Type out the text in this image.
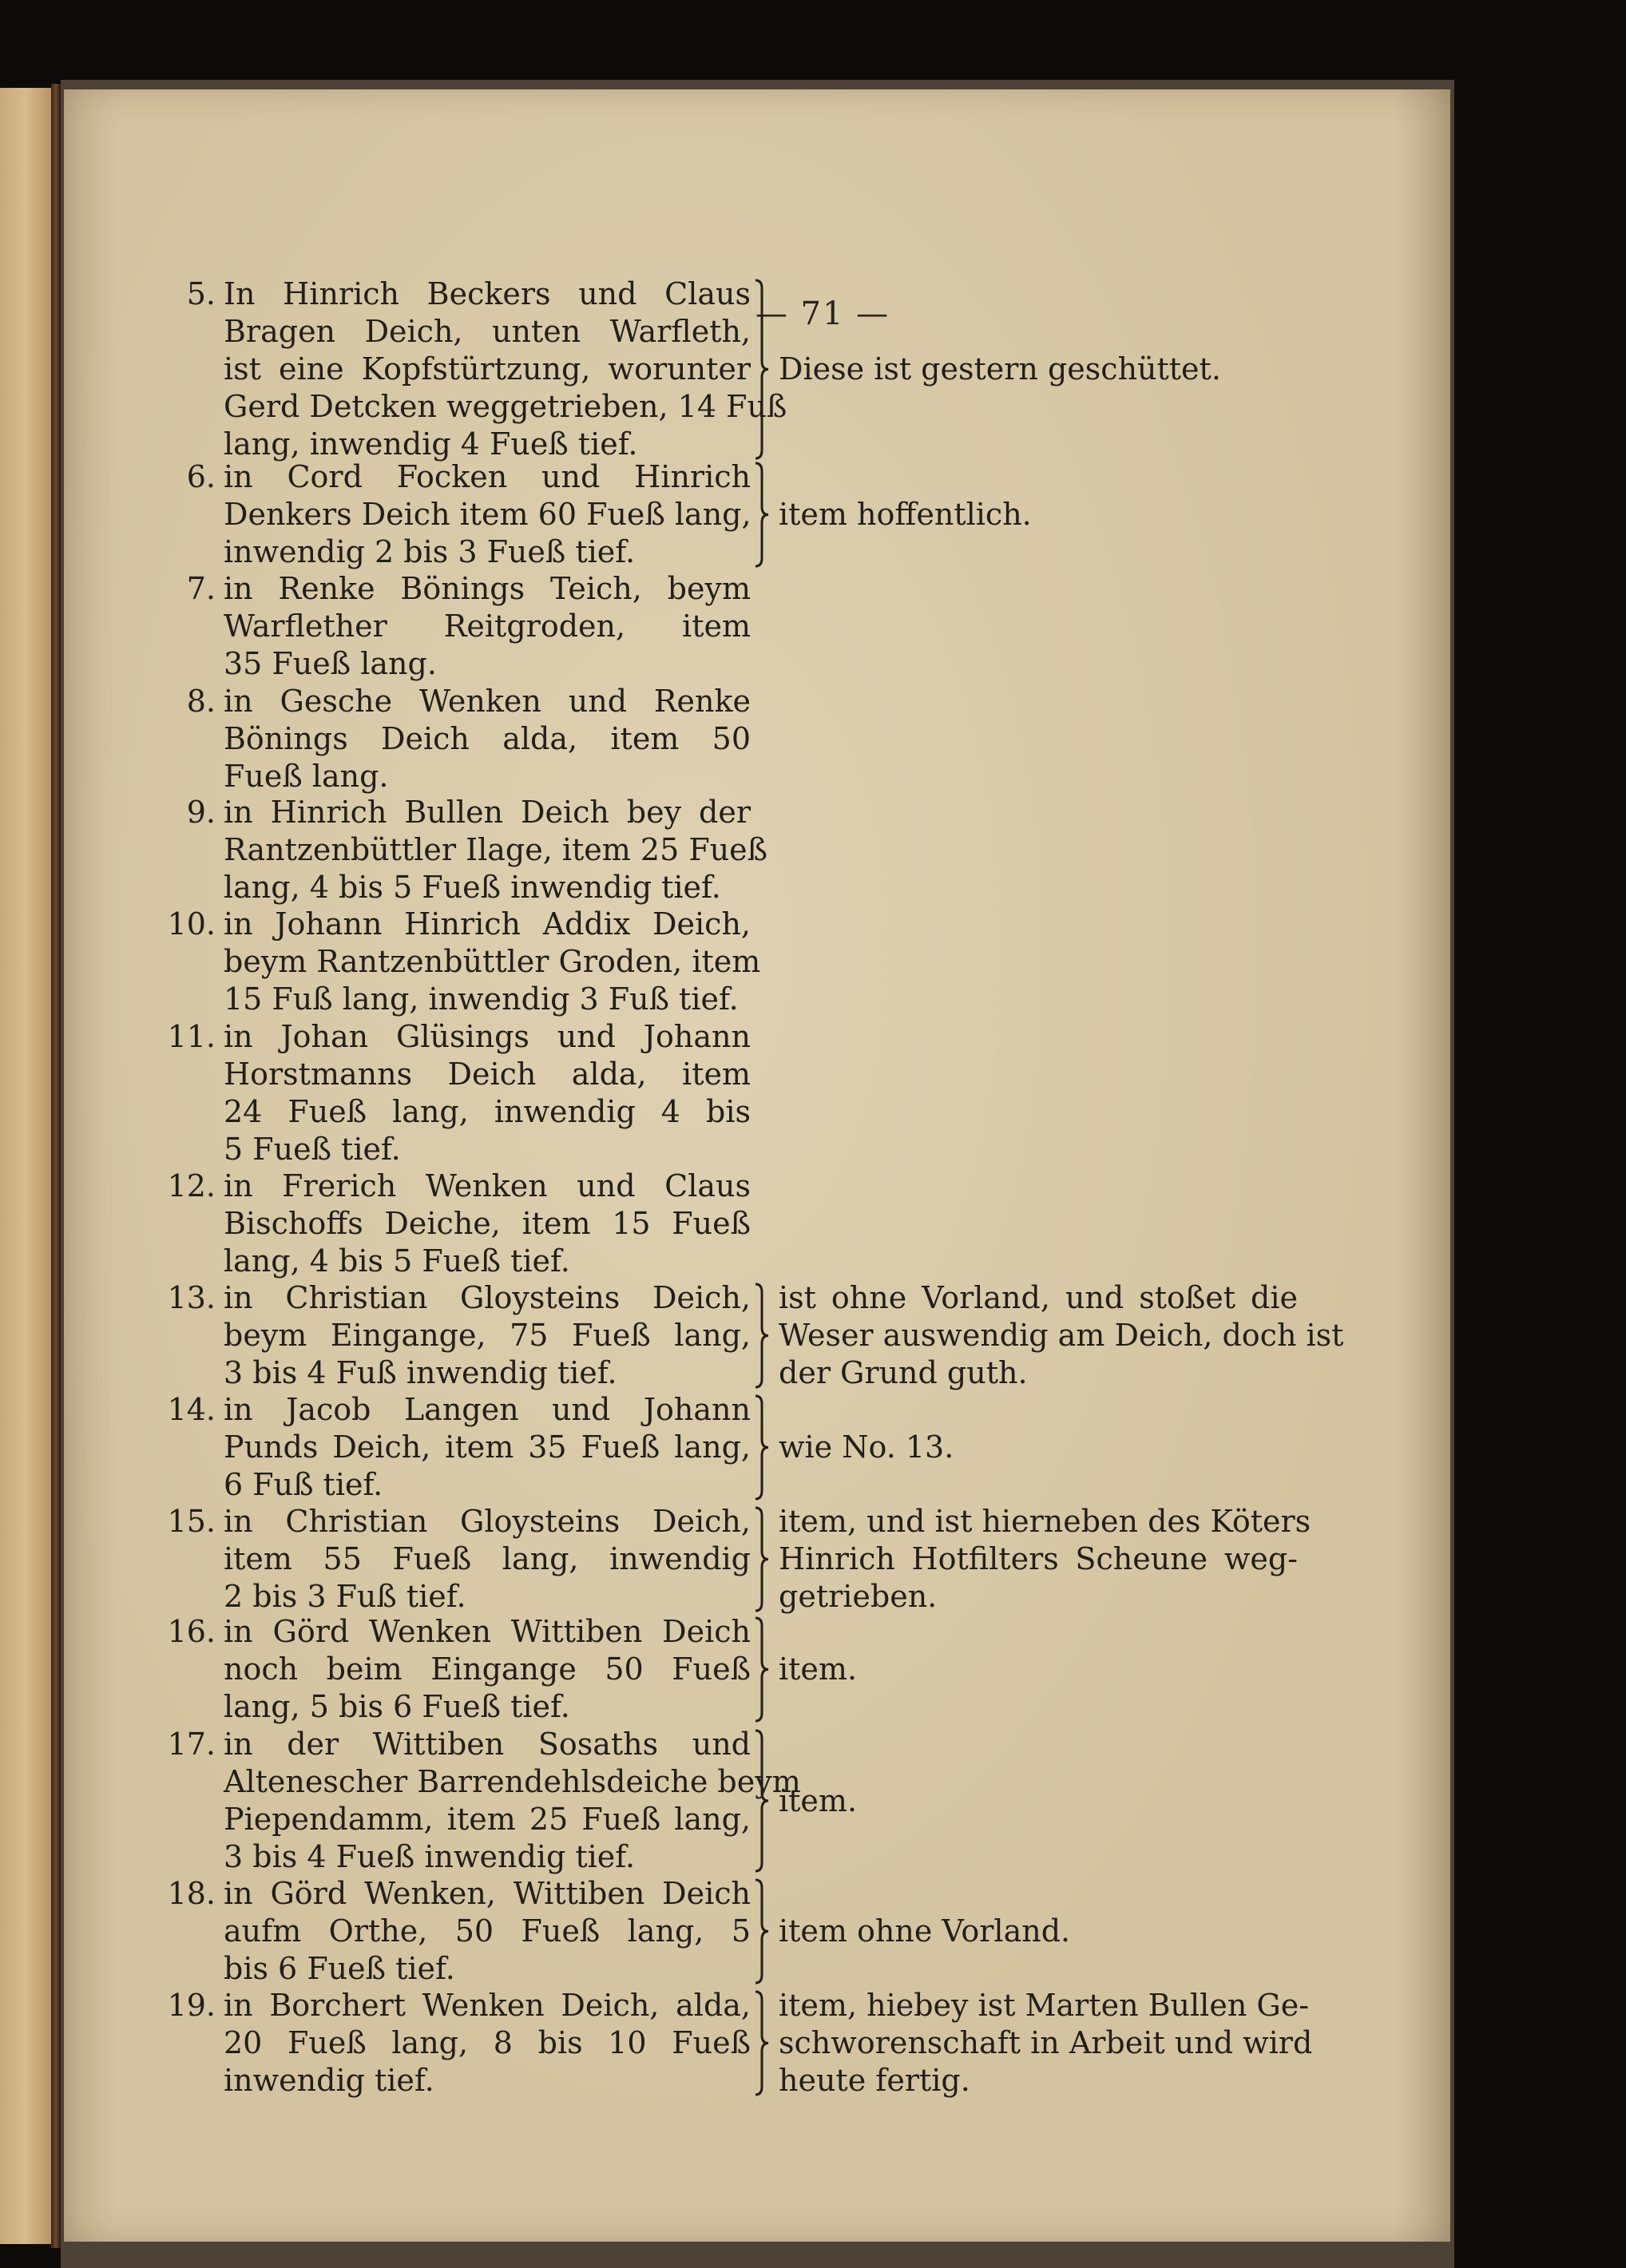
— 71 —
5. In Hinrich Beckers und Claus
Bragen Deich, unten Warfleth,
ist eine Kopfstürtzung, worunter
Gerd Detcken weggetrieben, 14 Fuß
lang, inwendig 4 Fueß tief.
Diese ist gestern geschüttet.
6. in Cord Focken und Hinrich
Denkers Deich item 60 Fueß lang,
inwendig 2 bis 3 Fueß tief.
item hoffentlich.
7. in Renke Bönings Teich, beym
Warflether Reitgroden, item
35 Fueß lang.
8. in Gesche Wenken und Renke
Bönings Deich alda, item 50
Fueß lang.
9. in Hinrich Bullen Deich bey der
Rantzenbüttler Ilage, item 25 Fueß
lang, 4 bis 5 Fueß inwendig tief.
10. in Johann Hinrich Addix Deich,
beym Rantzenbüttler Groden, item
15 Fuß lang, inwendig 3 Fuß tief.
11. in Johan Glüsings und Johann
Horstmanns Deich alda, item
24 Fueß lang, inwendig 4 bis
5 Fueß tief.
12. in Frerich Wenken und Claus
Bischoffs Deiche, item 15 Fueß
lang, 4 bis 5 Fueß tief.
13. in Christian Gloysteins Deich,
beym Eingange, 75 Fueß lang,
3 bis 4 Fuß inwendig tief.
ist ohne Vorland, und stoßet die
Weser auswendig am Deich, doch ist
der Grund guth.
14. in Jacob Langen und Johann
Punds Deich, item 35 Fueß lang,
6 Fuß tief.
wie No. 13.
15. in Christian Gloysteins Deich,
item 55 Fueß lang, inwendig
2 bis 3 Fuß tief.
item, und ist hierneben des Köters
Hinrich Hotfilters Scheune weg-
getrieben.
16. in Görd Wenken Wittiben Deich
noch beim Eingange 50 Fueß
lang, 5 bis 6 Fueß tief.
item.
17. in der Wittiben Sosaths und
Altenescher Barrendehlsdeiche beym
Piependamm, item 25 Fueß lang,
3 bis 4 Fueß inwendig tief.
item.
18. in Görd Wenken, Wittiben Deich
aufm Orthe, 50 Fueß lang, 5
bis 6 Fueß tief.
item ohne Vorland.
19. in Borchert Wenken Deich, alda,
20 Fueß lang, 8 bis 10 Fueß
inwendig tief.
item, hiebey ist Marten Bullen Ge-
schworenschaft in Arbeit und wird
heute fertig.
